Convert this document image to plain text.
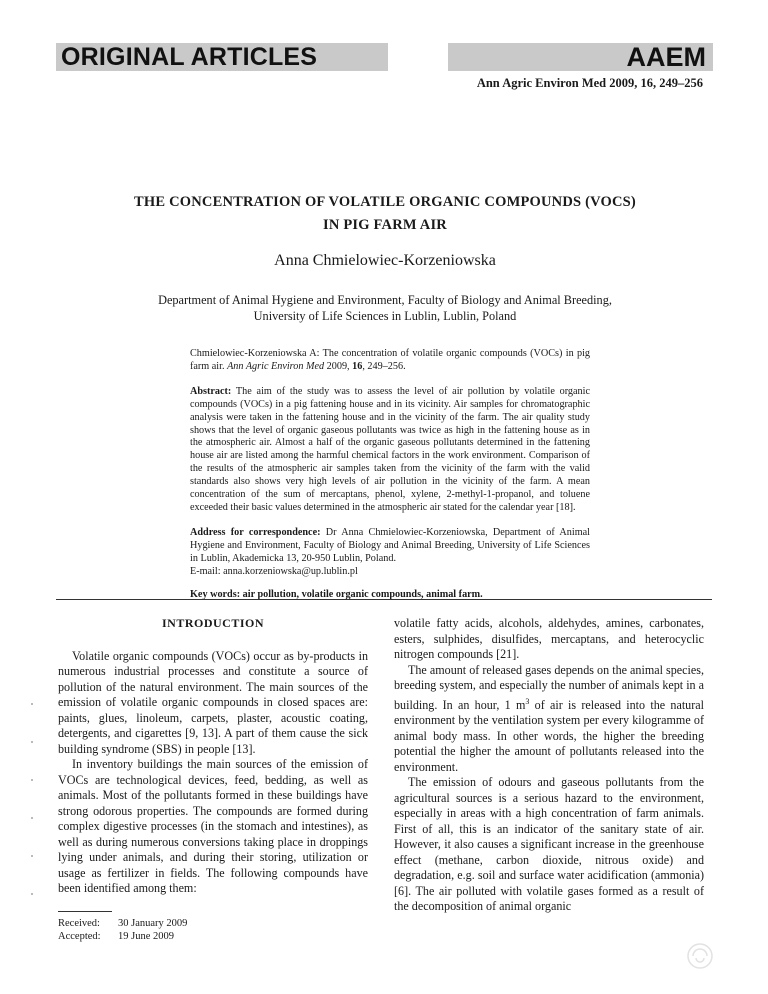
ORIGINAL ARTICLES	AAEM
Ann Agric Environ Med 2009, 16, 249–256
THE CONCENTRATION OF VOLATILE ORGANIC COMPOUNDS (VOCS)
IN PIG FARM AIR
Anna Chmielowiec-Korzeniowska
Department of Animal Hygiene and Environment, Faculty of Biology and Animal Breeding,
University of Life Sciences in Lublin, Lublin, Poland

Chmielowiec-Korzeniowska A: The concentration of volatile organic compounds (VOCs) in pig farm air. Ann Agric Environ Med 2009, 16, 249–256.

Abstract: The aim of the study was to assess the level of air pollution by volatile organic compounds (VOCs) in a pig fattening house and in its vicinity. Air samples for chromatographic analysis were taken in the fattening house and in the vicinity of the farm. The air quality study shows that the level of organic gaseous pollutants was twice as high in the fattening house as in the atmospheric air. Almost a half of the organic gaseous pollutants determined in the fattening house air are listed among the harmful chemical factors in the work environment. Comparison of the results of the atmospheric air samples taken from the vicinity of the farm with the valid standards also shows very high levels of air pollution in the vicinity of the farm. A mean concentration of the sum of mercaptans, phenol, xylene, 2-methyl-1-propanol, and toluene exceeded their basic values determined in the atmospheric air stated for the calendar year [18].

Address for correspondence: Dr Anna Chmielowiec-Korzeniowska, Department of Animal Hygiene and Environment, Faculty of Biology and Animal Breeding, University of Life Sciences in Lublin, Akademicka 13, 20-950 Lublin, Poland.
E-mail: anna.korzeniowska@up.lublin.pl

Key words: air pollution, volatile organic compounds, animal farm.

INTRODUCTION

Volatile organic compounds (VOCs) occur as by-products in numerous industrial processes and constitute a source of pollution of the natural environment. The main sources of the emission of volatile organic compounds in closed spaces are: paints, glues, linoleum, carpets, plaster, acoustic coating, detergents, and cigarettes [9, 13]. A part of them cause the sick building syndrome (SBS) in people [13].

In inventory buildings the main sources of the emission of VOCs are technological devices, feed, bedding, as well as animals. Most of the pollutants formed in these buildings have strong odorous properties. The compounds are formed during complex digestive processes (in the stomach and intestines), as well as during numerous conversions taking place in droppings lying under animals, and during their storing, utilization or usage as fertilizer in fields. The following compounds have been identified among them:

volatile fatty acids, alcohols, aldehydes, amines, carbonates, esters, sulphides, disulfides, mercaptans, and heterocyclic nitrogen compounds [21].

The amount of released gases depends on the animal species, breeding system, and especially the number of animals kept in a building. In an hour, 1 $m^3$ of air is released into the natural environment by the ventilation system per every kilogramme of animal body mass. In other words, the higher the breeding potential the higher the amount of pollutants released into the environment.

The emission of odours and gaseous pollutants from the agricultural sources is a serious hazard to the environment, especially in areas with a high concentration of farm animals. First of all, this is an indicator of the sanitary state of air. However, it also causes a significant increase in the greenhouse effect (methane, carbon dioxide, nitrous oxide) and degradation, e.g. soil and surface water acidification (ammonia) [6]. The air polluted with volatile gases formed as a result of the decomposition of animal organic

Received: 30 January 2009
Accepted: 19 June 2009
